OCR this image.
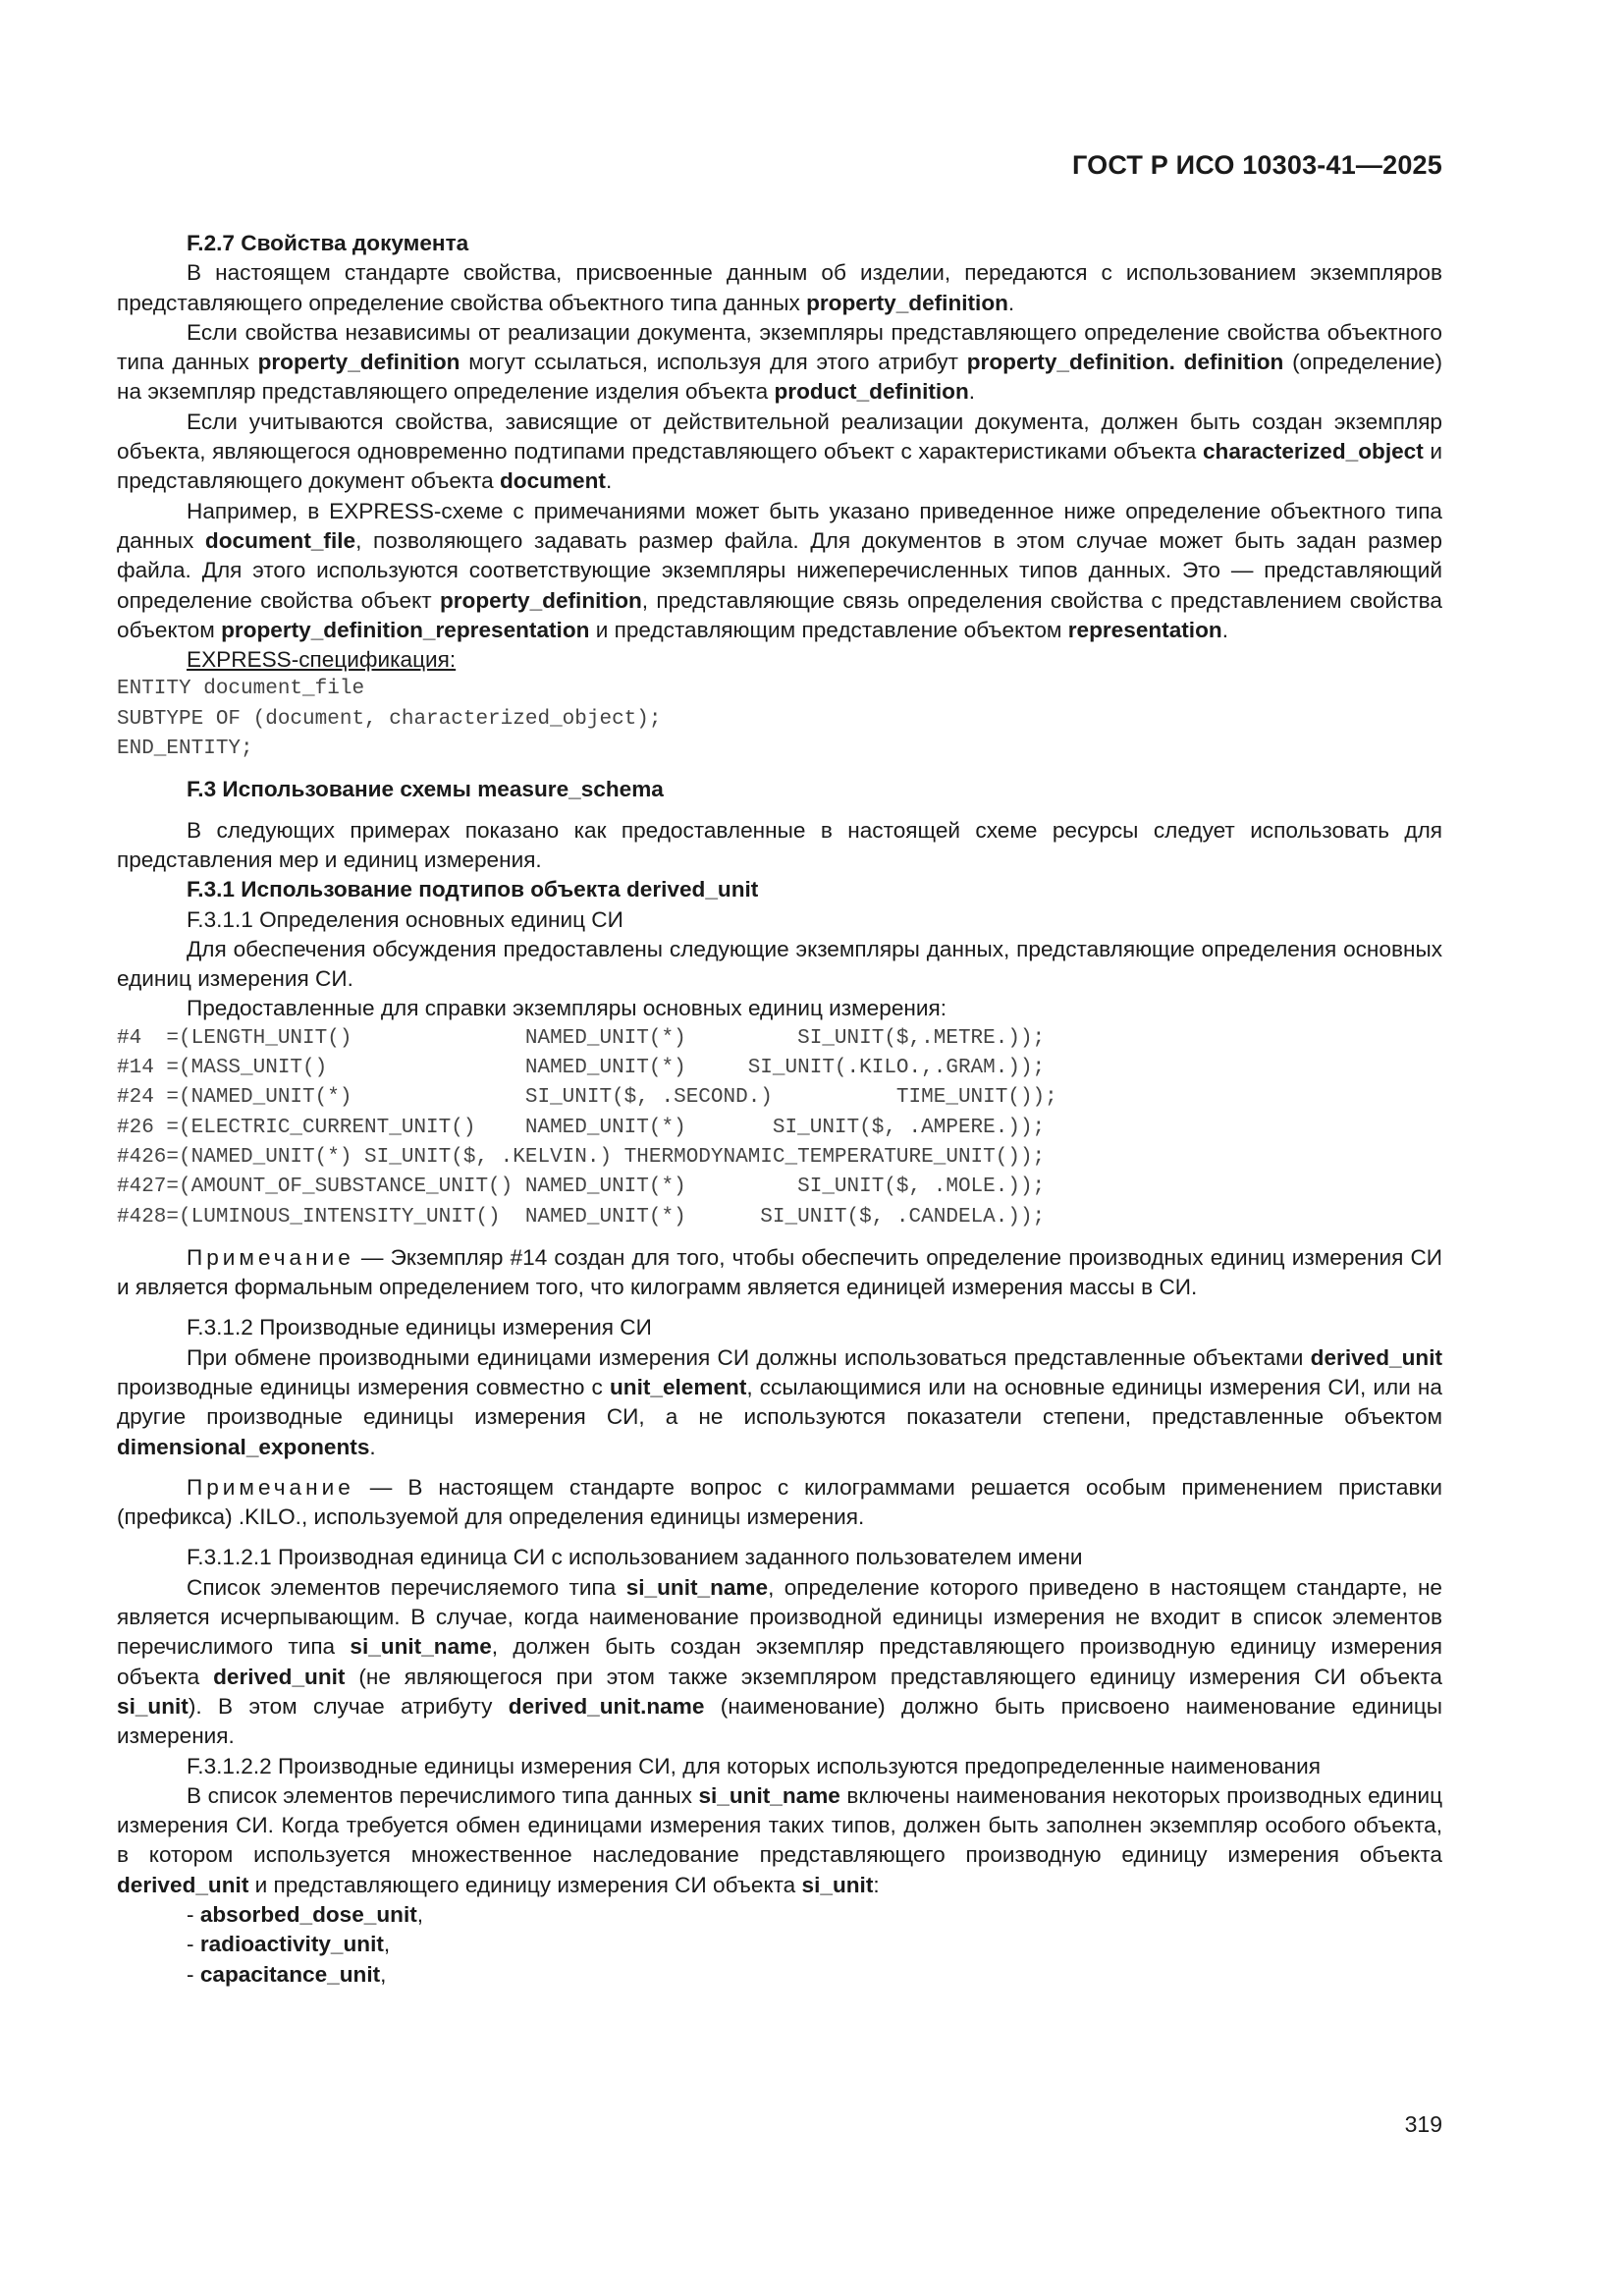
ГОСТ Р ИСО 10303-41—2025

F.2.7 Свойства документа

В настоящем стандарте свойства, присвоенные данным об изделии, передаются с использованием экземпляров представляющего определение свойства объектного типа данных property_definition.

Если свойства независимы от реализации документа, экземпляры представляющего определение свойства объектного типа данных property_definition могут ссылаться, используя для этого атрибут property_definition. definition (определение) на экземпляр представляющего определение изделия объекта product_definition.

Если учитываются свойства, зависящие от действительной реализации документа, должен быть создан экземпляр объекта, являющегося одновременно подтипами представляющего объект с характеристиками объекта characterized_object и представляющего документ объекта document.

Например, в EXPRESS-схеме с примечаниями может быть указано приведенное ниже определение объектного типа данных document_file, позволяющего задавать размер файла. Для документов в этом случае может быть задан размер файла. Для этого используются соответствующие экземпляры нижеперечисленных типов данных. Это — представляющий определение свойства объект property_definition, представляющие связь определения свойства с представлением свойства объектом property_definition_representation и представляющим представление объектом representation.

EXPRESS-спецификация:

ENTITY document_file
SUBTYPE OF (document, characterized_object);
END_ENTITY;

F.3 Использование схемы measure_schema

В следующих примерах показано как предоставленные в настоящей схеме ресурсы следует использовать для представления мер и единиц измерения.

F.3.1 Использование подтипов объекта derived_unit

F.3.1.1 Определения основных единиц СИ

Для обеспечения обсуждения предоставлены следующие экземпляры данных, представляющие определения основных единиц измерения СИ.

Предоставленные для справки экземпляры основных единиц измерения:

#4  =(LENGTH_UNIT()              NAMED_UNIT(*)         SI_UNIT($,.METRE.));
#14 =(MASS_UNIT()                NAMED_UNIT(*)     SI_UNIT(.KILO.,.GRAM.));
#24 =(NAMED_UNIT(*)              SI_UNIT($, .SECOND.)          TIME_UNIT());
#26 =(ELECTRIC_CURRENT_UNIT()    NAMED_UNIT(*)       SI_UNIT($, .AMPERE.));
#426=(NAMED_UNIT(*) SI_UNIT($, .KELVIN.) THERMODYNAMIC_TEMPERATURE_UNIT());
#427=(AMOUNT_OF_SUBSTANCE_UNIT() NAMED_UNIT(*)         SI_UNIT($, .MOLE.));
#428=(LUMINOUS_INTENSITY_UNIT()  NAMED_UNIT(*)      SI_UNIT($, .CANDELA.));

Примечание — Экземпляр #14 создан для того, чтобы обеспечить определение производных единиц измерения СИ и является формальным определением того, что килограмм является единицей измерения массы в СИ.

F.3.1.2 Производные единицы измерения СИ

При обмене производными единицами измерения СИ должны использоваться представленные объектами derived_unit производные единицы измерения совместно с unit_element, ссылающимися или на основные единицы измерения СИ, или на другие производные единицы измерения СИ, а не используются показатели степени, представленные объектом dimensional_exponents.

Примечание — В настоящем стандарте вопрос с килограммами решается особым применением приставки (префикса) .KILO., используемой для определения единицы измерения.

F.3.1.2.1 Производная единица СИ с использованием заданного пользователем имени

Список элементов перечисляемого типа si_unit_name, определение которого приведено в настоящем стандарте, не является исчерпывающим. В случае, когда наименование производной единицы измерения не входит в список элементов перечислимого типа si_unit_name, должен быть создан экземпляр представляющего производную единицу измерения объекта derived_unit (не являющегося при этом также экземпляром представляющего единицу измерения СИ объекта si_unit). В этом случае атрибуту derived_unit.name (наименование) должно быть присвоено наименование единицы измерения.

F.3.1.2.2 Производные единицы измерения СИ, для которых используются предопределенные наименования

В список элементов перечислимого типа данных si_unit_name включены наименования некоторых производных единиц измерения СИ. Когда требуется обмен единицами измерения таких типов, должен быть заполнен экземпляр особого объекта, в котором используется множественное наследование представляющего производную единицу измерения объекта derived_unit и представляющего единицу измерения СИ объекта si_unit:

- absorbed_dose_unit,
- radioactivity_unit,
- capacitance_unit,
319
